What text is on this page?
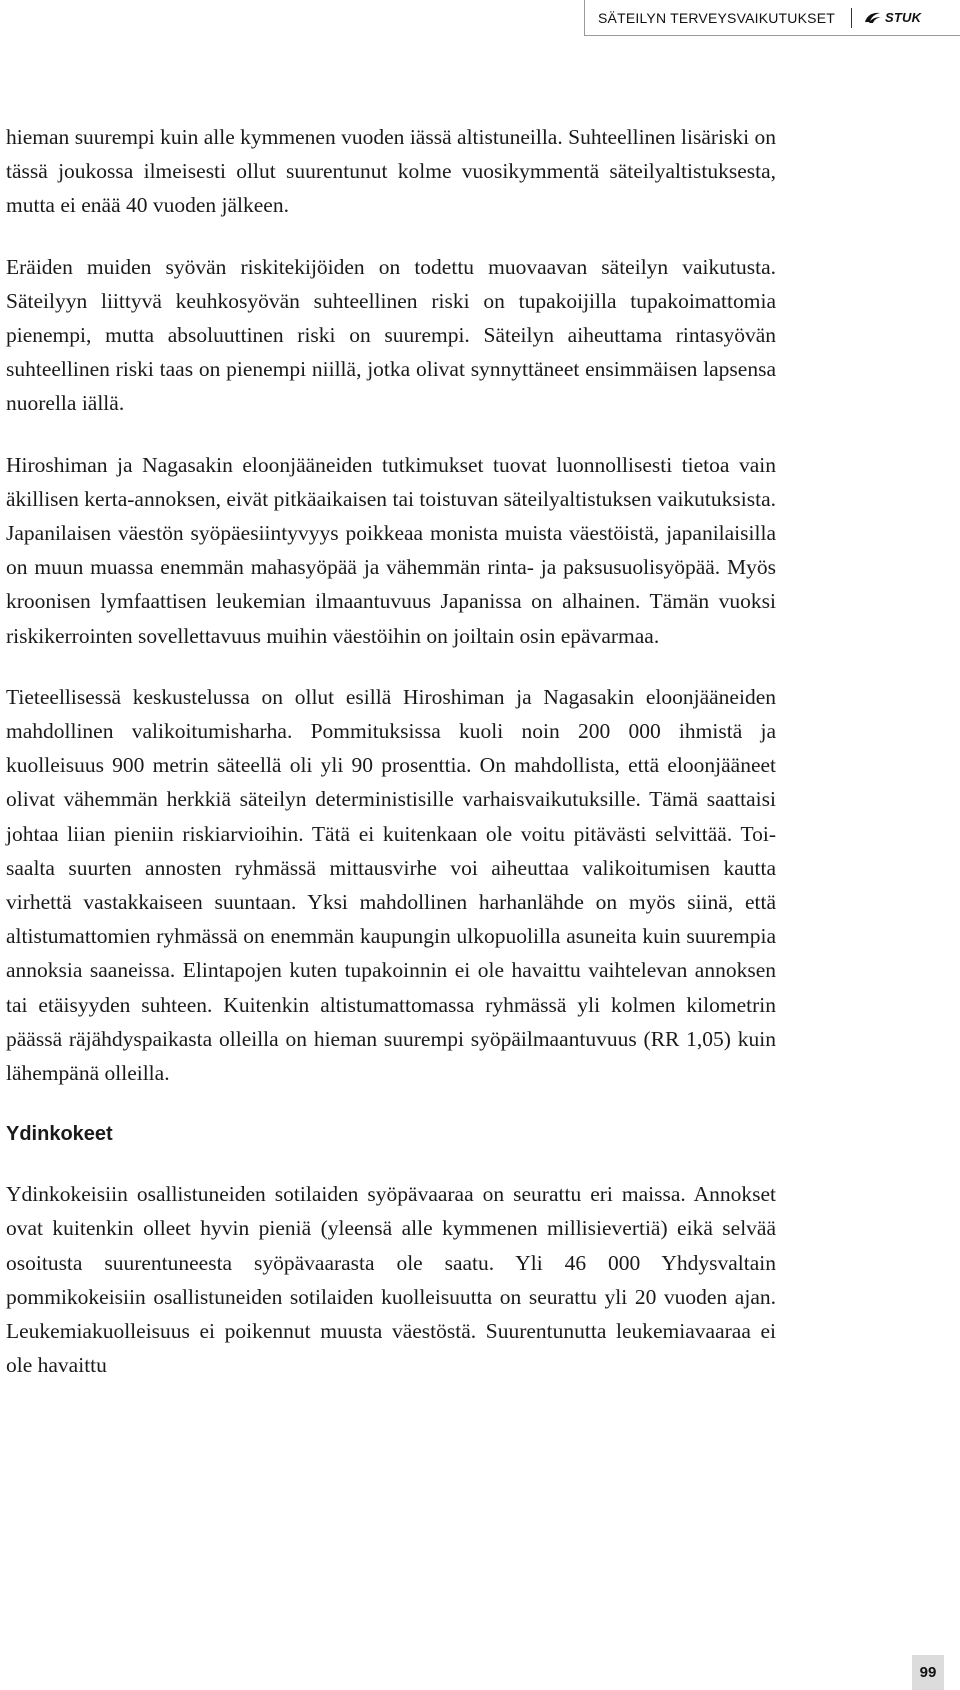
SÄTEILYN TERVEYSVAIKUTUKSET	STUK

hieman suurempi kuin alle kymmenen vuoden iässä altistuneilla. Suhteellinen lisäriski on tässä joukossa ilmeisesti ollut suurentunut kolme vuosikymmentä säteilyaltistuksesta, mutta ei enää 40 vuoden jälkeen.

Eräiden muiden syövän riskitekijöiden on todettu muovaavan säteilyn vaikutusta. Säteilyyn liittyvä keuhkosyövän suhteellinen riski on tupakoijilla tupakoimattomia pienempi, mutta absoluuttinen riski on suurempi. Säteilyn aiheuttama rintasyövän suhteellinen riski taas on pienempi niillä, jotka olivat synnyttäneet ensimmäisen lapsensa nuorella iällä.

Hiroshiman ja Nagasakin eloonjääneiden tutkimukset tuovat luonnollisesti tietoa vain äkillisen kerta-annoksen, eivät pitkäaikaisen tai toistuvan säteilyaltistuksen vaikutuksista. Japanilaisen väestön syöpäesiintyvyys poikkeaa monista muista väestöistä, japanilaisilla on muun muassa enemmän mahasyöpää ja vähemmän rinta- ja paksusuolisyöpää. Myös kroonisen lymfaattisen leukemian ilmaantuvuus Japanissa on alhainen. Tämän vuoksi riskikerrointen sovellettavuus muihin väestöihin on joiltain osin epävarmaa.

Tieteellisessä keskustelussa on ollut esillä Hiroshiman ja Nagasakin eloonjääneiden mahdollinen valikoitumisharha. Pommituksissa kuoli noin 200 000 ihmistä ja kuolleisuus 900 metrin säteellä oli yli 90 prosenttia. On mahdollista, että eloonjääneet olivat vähemmän herkkiä säteilyn deterministisille varhaisvaikutuksille. Tämä saattaisi johtaa liian pieniin riskiarvioihin. Tätä ei kuitenkaan ole voitu pitävästi selvittää. Toisaalta suurten annosten ryhmässä mittausvirhe voi aiheuttaa valikoitumisen kautta virhettä vastakkaiseen suuntaan. Yksi mahdollinen harhanlähde on myös siinä, että altistumattomien ryhmässä on enemmän kaupungin ulkopuolilla asuneita kuin suurempia annoksia saaneissa. Elintapojen kuten tupakoinnin ei ole havaittu vaihtelevan annoksen tai etäisyyden suhteen. Kuitenkin altistumattomassa ryhmässä yli kolmen kilometrin päässä räjähdyspaikasta olleilla on hieman suurempi syöpäilmaantuvuus (RR 1,05) kuin lähempänä olleilla.

Ydinkokeet

Ydinkokeisiin osallistuneiden sotilaiden syöpävaaraa on seurattu eri maissa. Annokset ovat kuitenkin olleet hyvin pieniä (yleensä alle kymmenen millisievertiä) eikä selvää osoitusta suurentuneesta syöpävaarasta ole saatu. Yli 46 000 Yhdysvaltain pommikokeisiin osallistuneiden sotilaiden kuolleisuutta on seurattu yli 20 vuoden ajan. Leukemiakuolleisuus ei poikennut muusta väestöstä. Suurentunutta leukemiavaaraa ei ole havaittu

99
